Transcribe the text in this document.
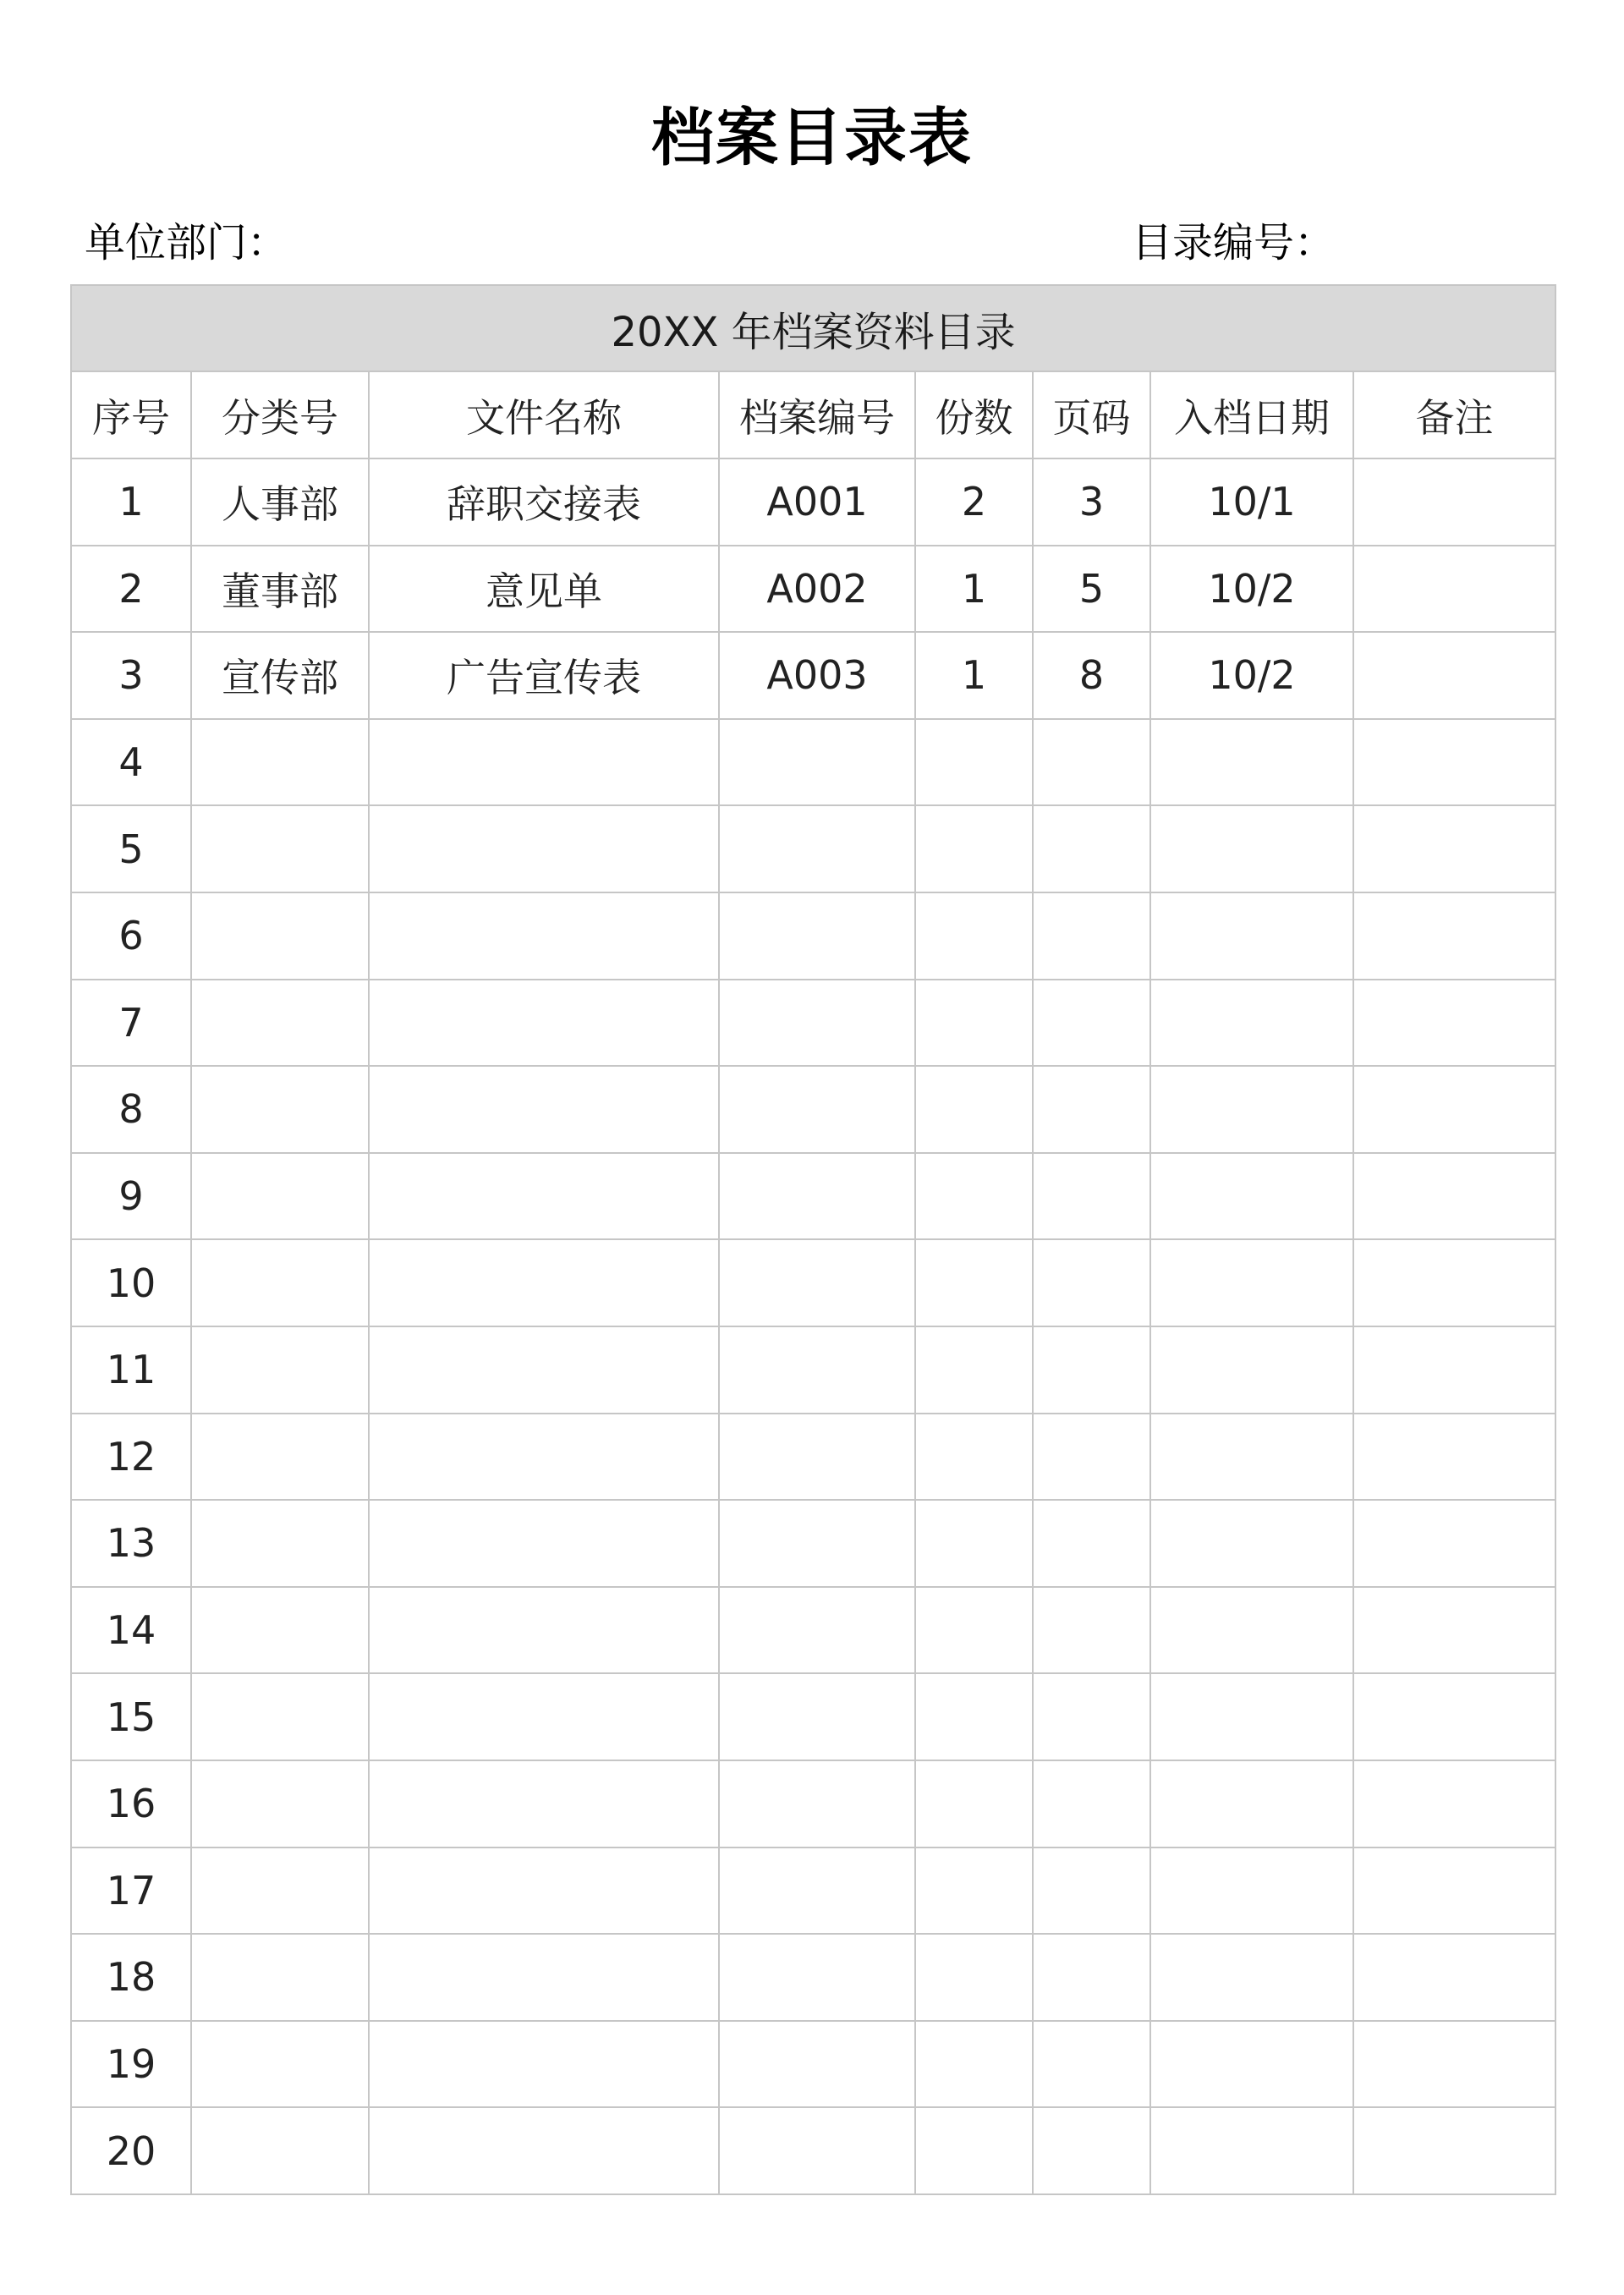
档案目录表
单位部门：	目录编号：
20XX 年档案资料目录							
序号	分类号	文件名称	档案编号	份数	页码	入档日期	备注
1	人事部	辞职交接表	A001	2	3	10/1	
2	董事部	意见单	A002	1	5	10/2	
3	宣传部	广告宣传表	A003	1	8	10/2	
4							
5							
6							
7							
8							
9							
10							
11							
12							
13							
14							
15							
16							
17							
18							
19							
20							
